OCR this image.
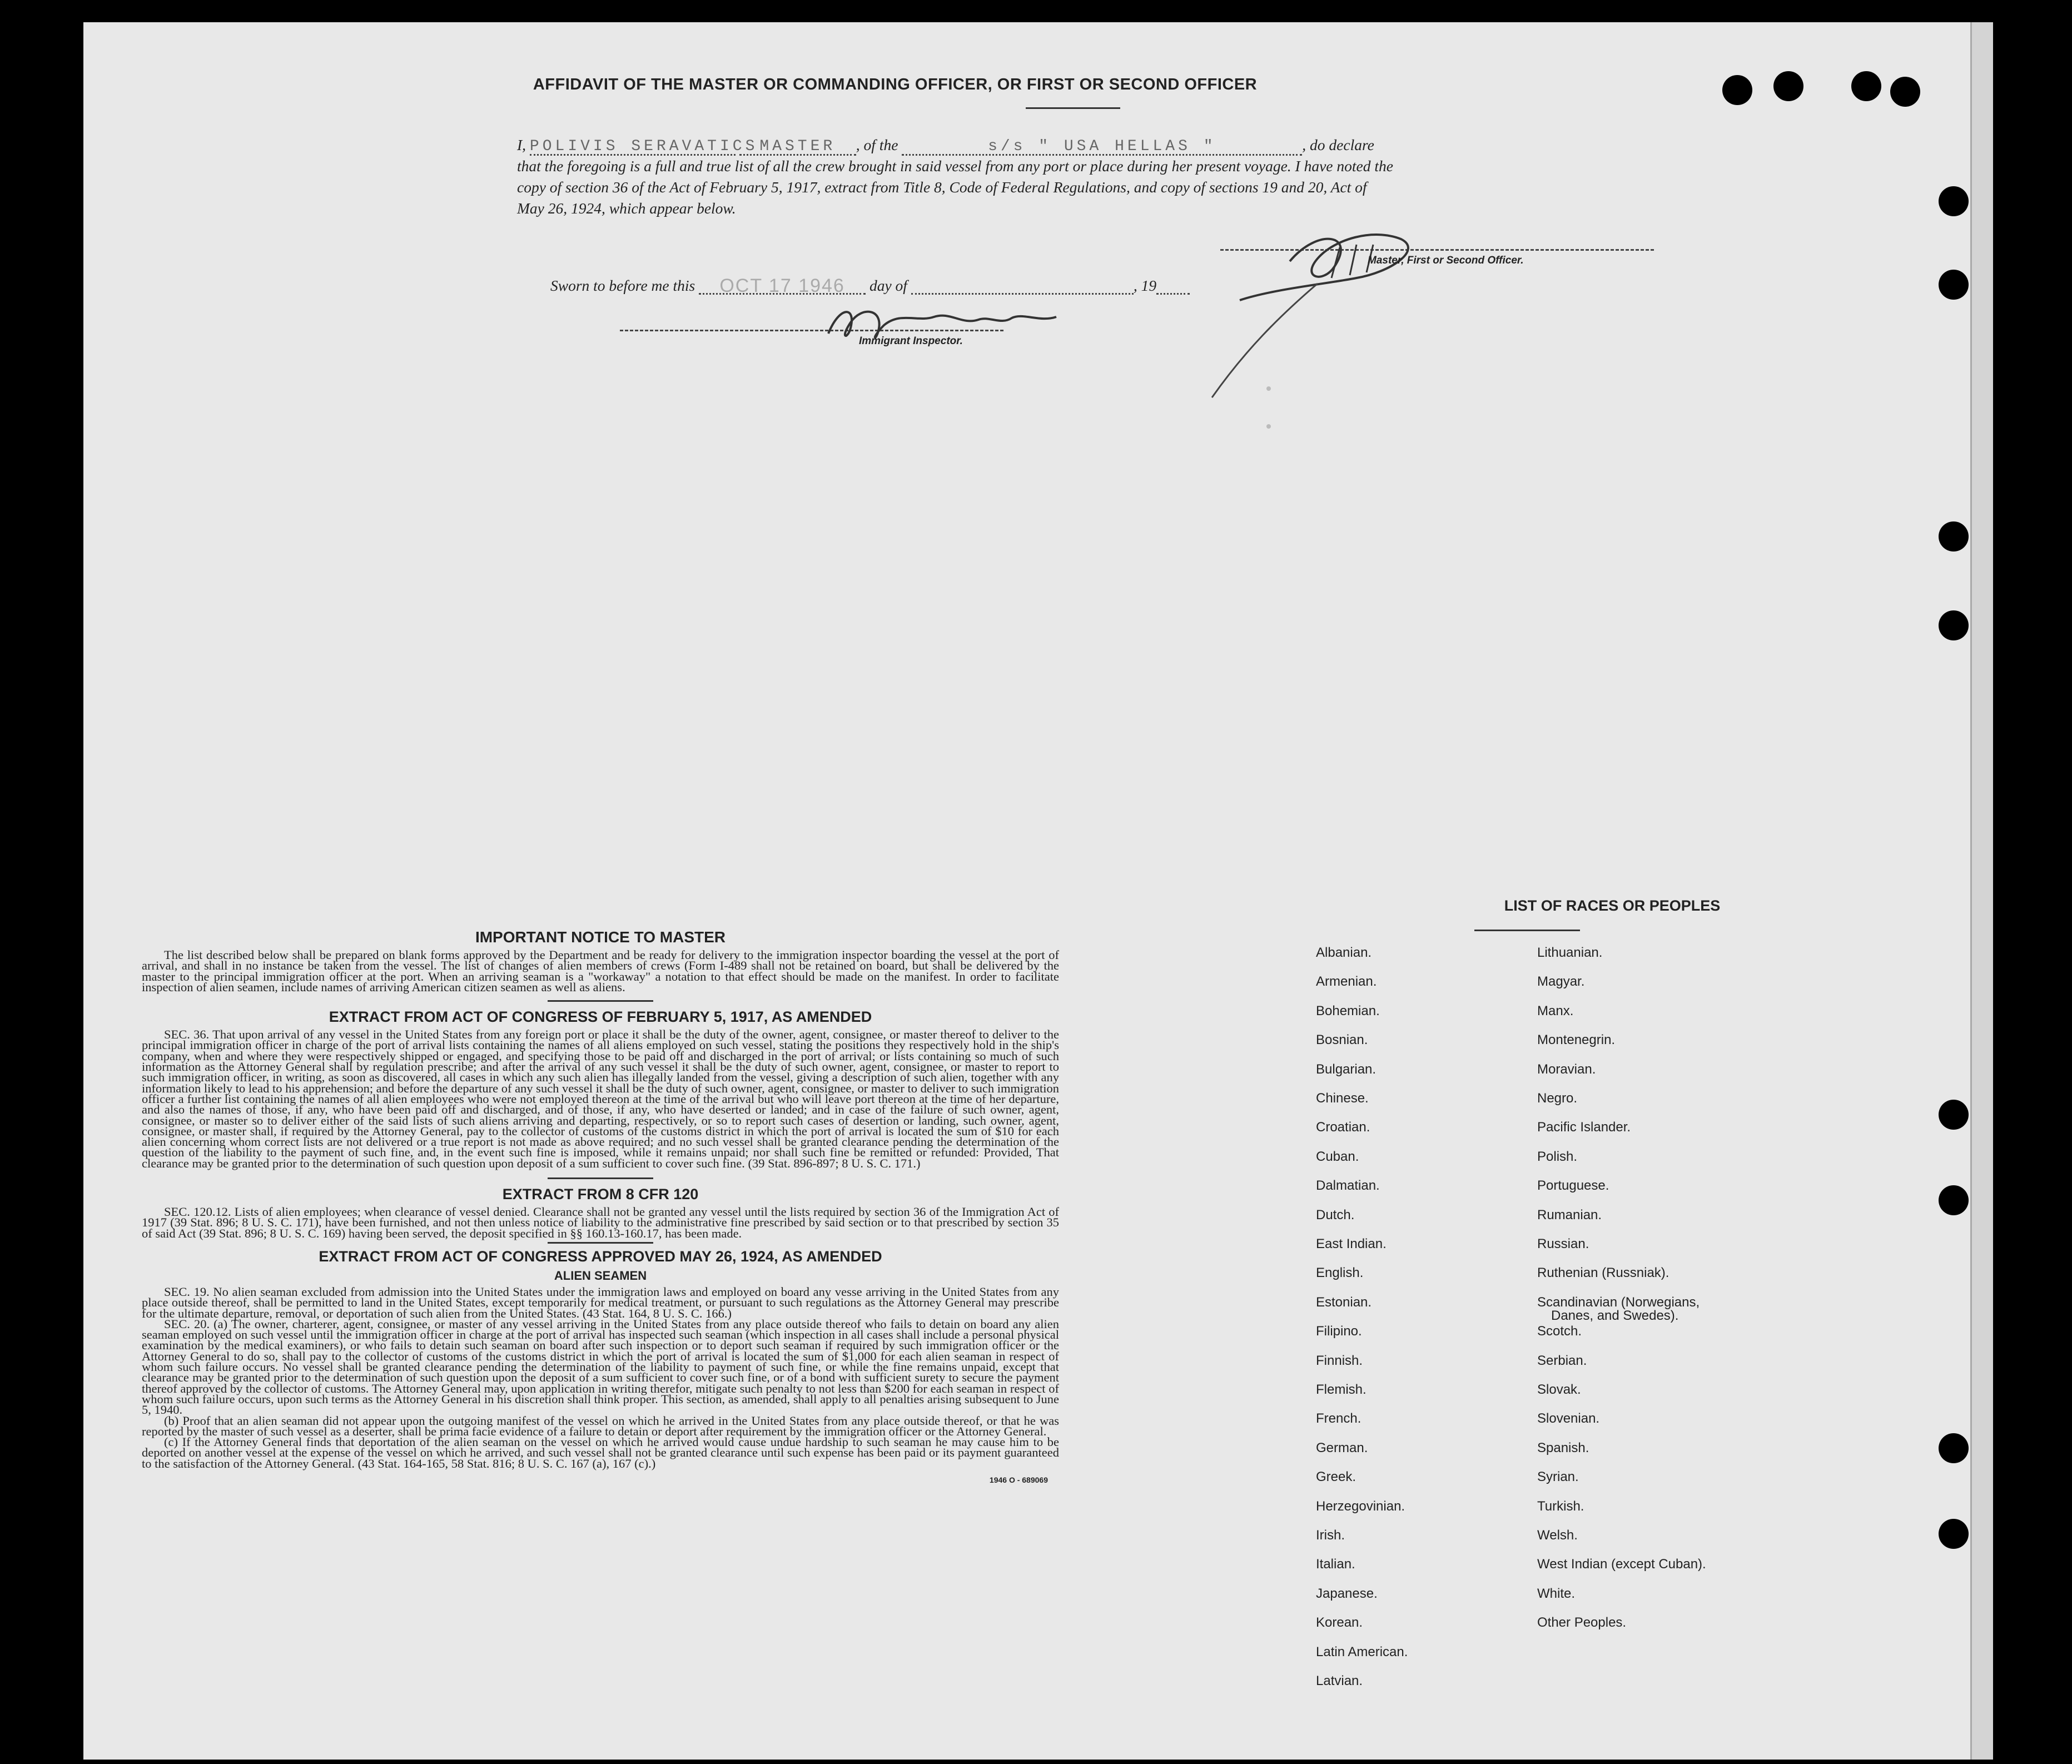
AFFIDAVIT OF THE MASTER OR COMMANDING OFFICER, OR FIRST OR SECOND OFFICER
I, POLIVIS SERAVATICS MASTER , of the	s/s " USA HELLAS "	, do declare
that the foregoing is a full and true list of all the crew brought in said vessel from any port or place during her present voyage. I have noted the
copy of section 36 of the Act of February 5, 1917, extract from Title 8, Code of Federal Regulations, and copy of sections 19 and 20, Act of
May 26, 1924, which appear below.
Master, First or Second Officer.
Sworn to before me this OCT 17 1946 day of	, 19
Immigrant Inspector.
IMPORTANT NOTICE TO MASTER
The list described below shall be prepared on blank forms approved by the Department and be ready for delivery to the immigration inspector boarding the vessel at the port of arrival, and shall in no instance be taken from the vessel. The list of changes of alien members of crews (Form I-489 shall not be retained on board, but shall be delivered by the master to the principal immigration officer at the port. When an arriving seaman is a "workaway" a notation to that effect should be made on the manifest. In order to facilitate inspection of alien seamen, include names of arriving American citizen seamen as well as aliens.
EXTRACT FROM ACT OF CONGRESS OF FEBRUARY 5, 1917, AS AMENDED
SEC. 36. That upon arrival of any vessel in the United States from any foreign port or place it shall be the duty of the owner, agent, consignee, or master thereof to deliver to the principal immigration officer in charge of the port of arrival lists containing the names of all aliens employed on such vessel, stating the positions they respectively hold in the ship's company, when and where they were respectively shipped or engaged, and specifying those to be paid off and discharged in the port of arrival; or lists containing so much of such information as the Attorney General shall by regulation prescribe; and after the arrival of any such vessel it shall be the duty of such owner, agent, consignee, or master to report to such immigration officer, in writing, as soon as discovered, all cases in which any such alien has illegally landed from the vessel, giving a description of such alien, together with any information likely to lead to his apprehension; and before the departure of any such vessel it shall be the duty of such owner, agent, consignee, or master to deliver to such immigration officer a further list containing the names of all alien employees who were not employed thereon at the time of the arrival but who will leave port thereon at the time of her departure, and also the names of those, if any, who have been paid off and discharged, and of those, if any, who have deserted or landed; and in case of the failure of such owner, agent, consignee, or master so to deliver either of the said lists of such aliens arriving and departing, respectively, or so to report such cases of desertion or landing, such owner, agent, consignee, or master shall, if required by the Attorney General, pay to the collector of customs of the customs district in which the port of arrival is located the sum of $10 for each alien concerning whom correct lists are not delivered or a true report is not made as above required; and no such vessel shall be granted clearance pending the determination of the question of the liability to the payment of such fine, and, in the event such fine is imposed, while it remains unpaid; nor shall such fine be remitted or refunded: Provided, That clearance may be granted prior to the determination of such question upon deposit of a sum sufficient to cover such fine. (39 Stat. 896-897; 8 U. S. C. 171.)
EXTRACT FROM 8 CFR 120
SEC. 120.12. Lists of alien employees; when clearance of vessel denied. Clearance shall not be granted any vessel until the lists required by section 36 of the Immigration Act of 1917 (39 Stat. 896; 8 U. S. C. 171), have been furnished, and not then unless notice of liability to the administrative fine prescribed by said section or to that prescribed by section 35 of said Act (39 Stat. 896; 8 U. S. C. 169) having been served, the deposit specified in §§ 160.13-160.17, has been made.
EXTRACT FROM ACT OF CONGRESS APPROVED MAY 26, 1924, AS AMENDED
ALIEN SEAMEN
SEC. 19. No alien seaman excluded from admission into the United States under the immigration laws and employed on board any vesse arriving in the United States from any place outside thereof, shall be permitted to land in the United States, except temporarily for medical treatment, or pursuant to such regulations as the Attorney General may prescribe for the ultimate departure, removal, or deportation of such alien from the United States. (43 Stat. 164, 8 U. S. C. 166.)
SEC. 20. (a) The owner, charterer, agent, consignee, or master of any vessel arriving in the United States from any place outside thereof who fails to detain on board any alien seaman employed on such vessel until the immigration officer in charge at the port of arrival has inspected such seaman (which inspection in all cases shall include a personal physical examination by the medical examiners), or who fails to detain such seaman on board after such inspection or to deport such seaman if required by such immigration officer or the Attorney General to do so, shall pay to the collector of customs of the customs district in which the port of arrival is located the sum of $1,000 for each alien seaman in respect of whom such failure occurs. No vessel shall be granted clearance pending the determination of the liability to payment of such fine, or while the fine remains unpaid, except that clearance may be granted prior to the determination of such question upon the deposit of a sum sufficient to cover such fine, or of a bond with sufficient surety to secure the payment thereof approved by the collector of customs. The Attorney General may, upon application in writing therefor, mitigate such penalty to not less than $200 for each seaman in respect of whom such failure occurs, upon such terms as the Attorney General in his discretion shall think proper. This section, as amended, shall apply to all penalties arising subsequent to June 5, 1940.
(b) Proof that an alien seaman did not appear upon the outgoing manifest of the vessel on which he arrived in the United States from any place outside thereof, or that he was reported by the master of such vessel as a deserter, shall be prima facie evidence of a failure to detain or deport after requirement by the immigration officer or the Attorney General.
(c) If the Attorney General finds that deportation of the alien seaman on the vessel on which he arrived would cause undue hardship to such seaman he may cause him to be deported on another vessel at the expense of the vessel on which he arrived, and such vessel shall not be granted clearance until such expense has been paid or its payment guaranteed to the satisfaction of the Attorney General. (43 Stat. 164-165, 58 Stat. 816; 8 U. S. C. 167 (a), 167 (c).)
1946 O - 689069
LIST OF RACES OR PEOPLES
Albanian.
Armenian.
Bohemian.
Bosnian.
Bulgarian.
Chinese.
Croatian.
Cuban.
Dalmatian.
Dutch.
East Indian.
English.
Estonian.
Filipino.
Finnish.
Flemish.
French.
German.
Greek.
Herzegovinian.
Irish.
Italian.
Japanese.
Korean.
Latin American.
Latvian.
Lithuanian.
Magyar.
Manx.
Montenegrin.
Moravian.
Negro.
Pacific Islander.
Polish.
Portuguese.
Rumanian.
Russian.
Ruthenian (Russniak).
Scandinavian (Norwegians,
Danes, and Swedes).
Scotch.
Serbian.
Slovak.
Slovenian.
Spanish.
Syrian.
Turkish.
Welsh.
West Indian (except Cuban).
White.
Other Peoples.
